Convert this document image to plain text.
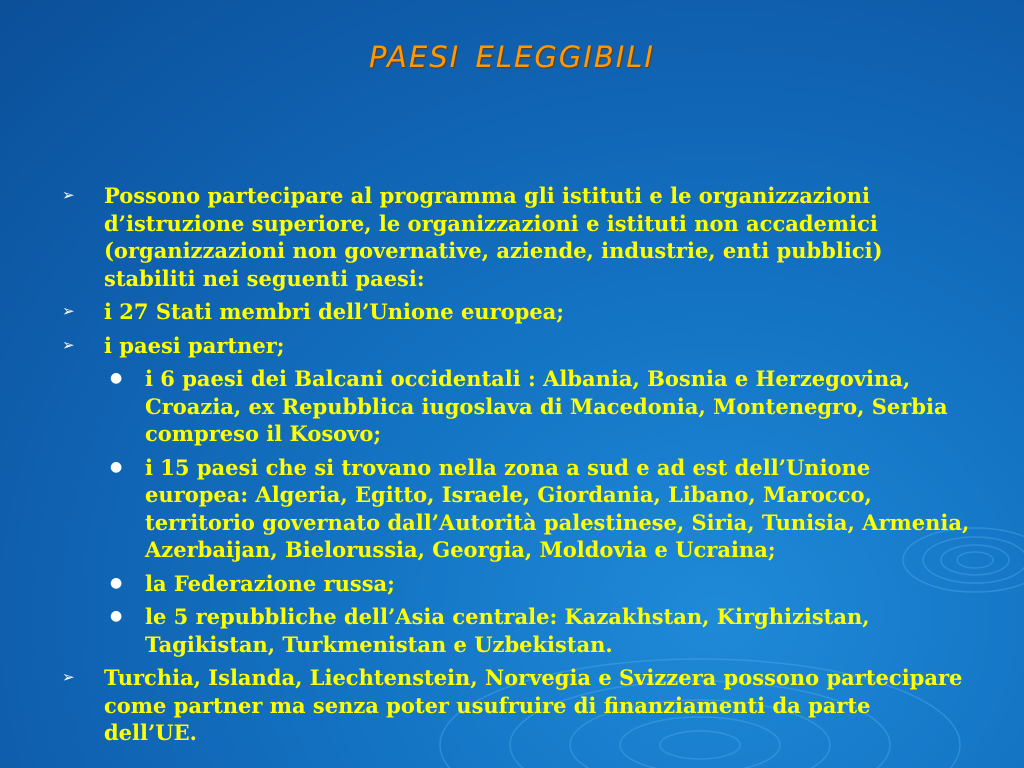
paesi eleggibili
➢	Possono partecipare al programma gli istituti e le organizzazioni d’istruzione superiore, le organizzazioni e istituti non accademici (organizzazioni non governative, aziende, industrie, enti pubblici) stabiliti nei seguenti paesi:
➢	i 27 Stati membri dell’Unione europea;
➢	i paesi partner;
●	i 6 paesi dei Balcani occidentali : Albania, Bosnia e Herzegovina, Croazia, ex Repubblica iugoslava di Macedonia, Montenegro, Serbia compreso il Kosovo;
●	i 15 paesi che si trovano nella zona a sud e ad est dell’Unione europea: Algeria, Egitto, Israele, Giordania, Libano, Marocco, territorio governato dall’Autorità palestinese, Siria, Tunisia, Armenia, Azerbaijan, Bielorussia, Georgia, Moldovia e Ucraina;
●	la Federazione russa;
●	le 5 repubbliche dell’Asia centrale: Kazakhstan, Kirghizistan, Tagikistan, Turkmenistan e Uzbekistan.
➢	Turchia, Islanda, Liechtenstein, Norvegia e Svizzera possono partecipare come partner ma senza poter usufruire di finanziamenti da parte dell’UE.
